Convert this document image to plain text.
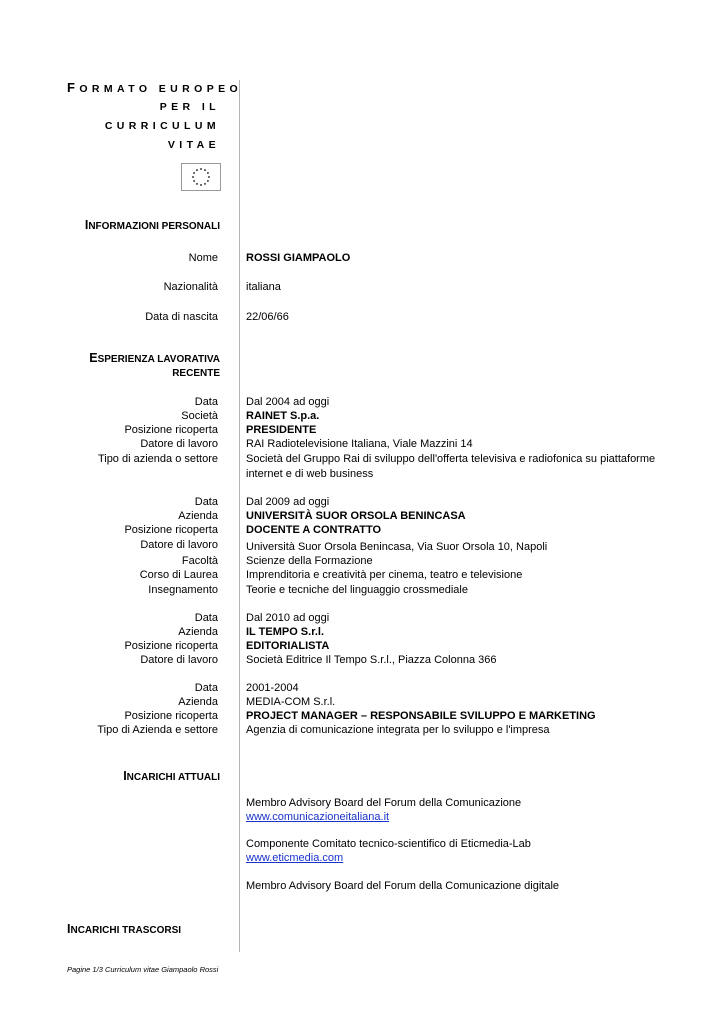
FORMATO EUROPEO
PER IL
CURRICULUM
VITAE
INFORMAZIONI PERSONALI
Nome	ROSSI GIAMPAOLO
Nazionalità	italiana
Data di nascita	22/06/66
ESPERIENZA LAVORATIVA
RECENTE
Data	Dal 2004 ad oggi
Società	RAINET S.p.a.
Posizione ricoperta	PRESIDENTE
Datore di lavoro	RAI Radiotelevisione Italiana, Viale Mazzini 14
Tipo di azienda o settore	Società del Gruppo Rai di sviluppo dell'offerta televisiva e radiofonica su piattaforme
internet e di web business
Data	Dal 2009 ad oggi
Azienda	UNIVERSITÀ SUOR ORSOLA BENINCASA
Posizione ricoperta	DOCENTE A CONTRATTO
Datore di lavoro	Università Suor Orsola Benincasa, Via Suor Orsola 10, Napoli
Facoltà	Scienze della Formazione
Corso di Laurea	Imprenditoria e creatività per cinema, teatro e televisione
Insegnamento	Teorie e tecniche del linguaggio crossmediale
Data	Dal 2010 ad oggi
Azienda	IL TEMPO S.r.l.
Posizione ricoperta	EDITORIALISTA
Datore di lavoro	Società Editrice Il Tempo S.r.l., Piazza Colonna 366
Data	2001-2004
Azienda	MEDIA-COM S.r.l.
Posizione ricoperta	PROJECT MANAGER – RESPONSABILE SVILUPPO E MARKETING
Tipo di Azienda e settore	Agenzia di comunicazione integrata per lo sviluppo e l'impresa
INCARICHI ATTUALI
Membro Advisory Board del Forum della Comunicazione
www.comunicazioneitaliana.it
Componente Comitato tecnico-scientifico di Eticmedia-Lab
www.eticmedia.com
Membro Advisory Board del Forum della Comunicazione digitale
INCARICHI TRASCORSI
Pagine 1/3 Curriculum vitae Giampaolo Rossi
